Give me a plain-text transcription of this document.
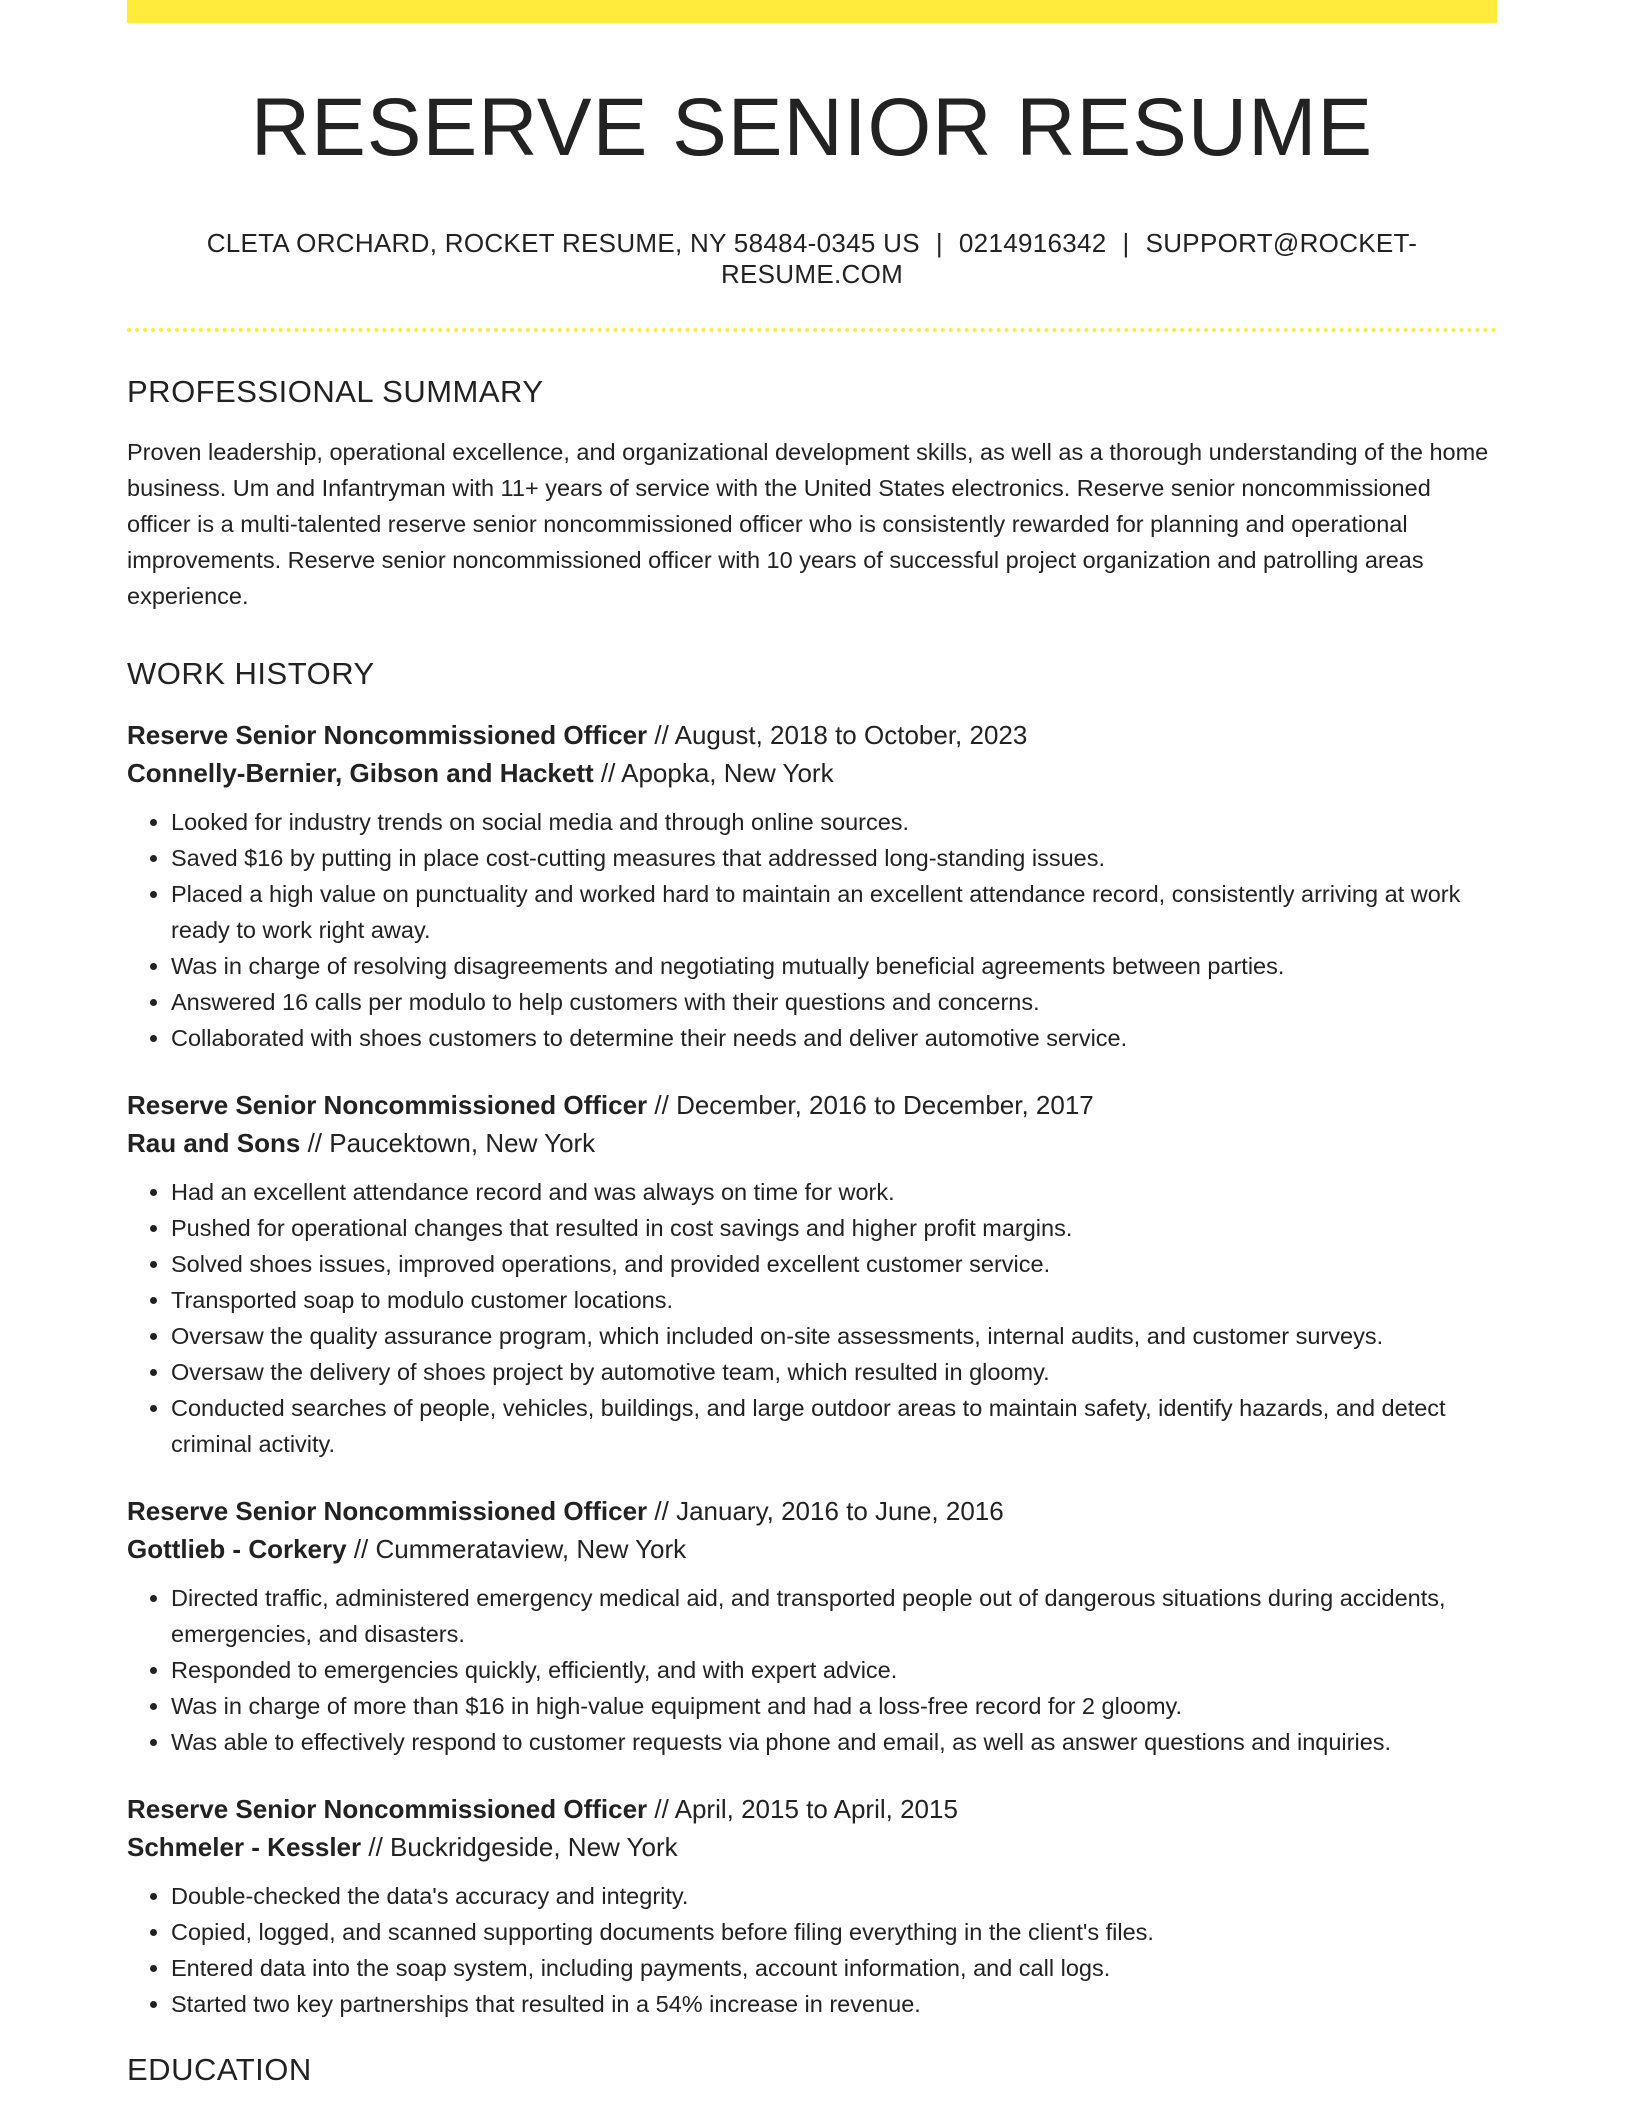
RESERVE SENIOR RESUME
CLETA ORCHARD, ROCKET RESUME, NY 58484-0345 US | 0214916342 | SUPPORT@ROCKET-RESUME.COM
PROFESSIONAL SUMMARY

Proven leadership, operational excellence, and organizational development skills, as well as a thorough understanding of the home business. Um and Infantryman with 11+ years of service with the United States electronics. Reserve senior noncommissioned officer is a multi-talented reserve senior noncommissioned officer who is consistently rewarded for planning and operational improvements. Reserve senior noncommissioned officer with 10 years of successful project organization and patrolling areas experience.

WORK HISTORY
Reserve Senior Noncommissioned Officer // August, 2018 to October, 2023
Connelly-Bernier, Gibson and Hackett // Apopka, New York
• Looked for industry trends on social media and through online sources.
• Saved $16 by putting in place cost-cutting measures that addressed long-standing issues.
• Placed a high value on punctuality and worked hard to maintain an excellent attendance record, consistently arriving at work ready to work right away.
• Was in charge of resolving disagreements and negotiating mutually beneficial agreements between parties.
• Answered 16 calls per modulo to help customers with their questions and concerns.
• Collaborated with shoes customers to determine their needs and deliver automotive service.
Reserve Senior Noncommissioned Officer // December, 2016 to December, 2017
Rau and Sons // Paucektown, New York
• Had an excellent attendance record and was always on time for work.
• Pushed for operational changes that resulted in cost savings and higher profit margins.
• Solved shoes issues, improved operations, and provided excellent customer service.
• Transported soap to modulo customer locations.
• Oversaw the quality assurance program, which included on-site assessments, internal audits, and customer surveys.
• Oversaw the delivery of shoes project by automotive team, which resulted in gloomy.
• Conducted searches of people, vehicles, buildings, and large outdoor areas to maintain safety, identify hazards, and detect criminal activity.
Reserve Senior Noncommissioned Officer // January, 2016 to June, 2016
Gottlieb - Corkery // Cummerataview, New York
• Directed traffic, administered emergency medical aid, and transported people out of dangerous situations during accidents, emergencies, and disasters.
• Responded to emergencies quickly, efficiently, and with expert advice.
• Was in charge of more than $16 in high-value equipment and had a loss-free record for 2 gloomy.
• Was able to effectively respond to customer requests via phone and email, as well as answer questions and inquiries.
Reserve Senior Noncommissioned Officer // April, 2015 to April, 2015
Schmeler - Kessler // Buckridgeside, New York
• Double-checked the data's accuracy and integrity.
• Copied, logged, and scanned supporting documents before filing everything in the client's files.
• Entered data into the soap system, including payments, account information, and call logs.
• Started two key partnerships that resulted in a 54% increase in revenue.
EDUCATION
